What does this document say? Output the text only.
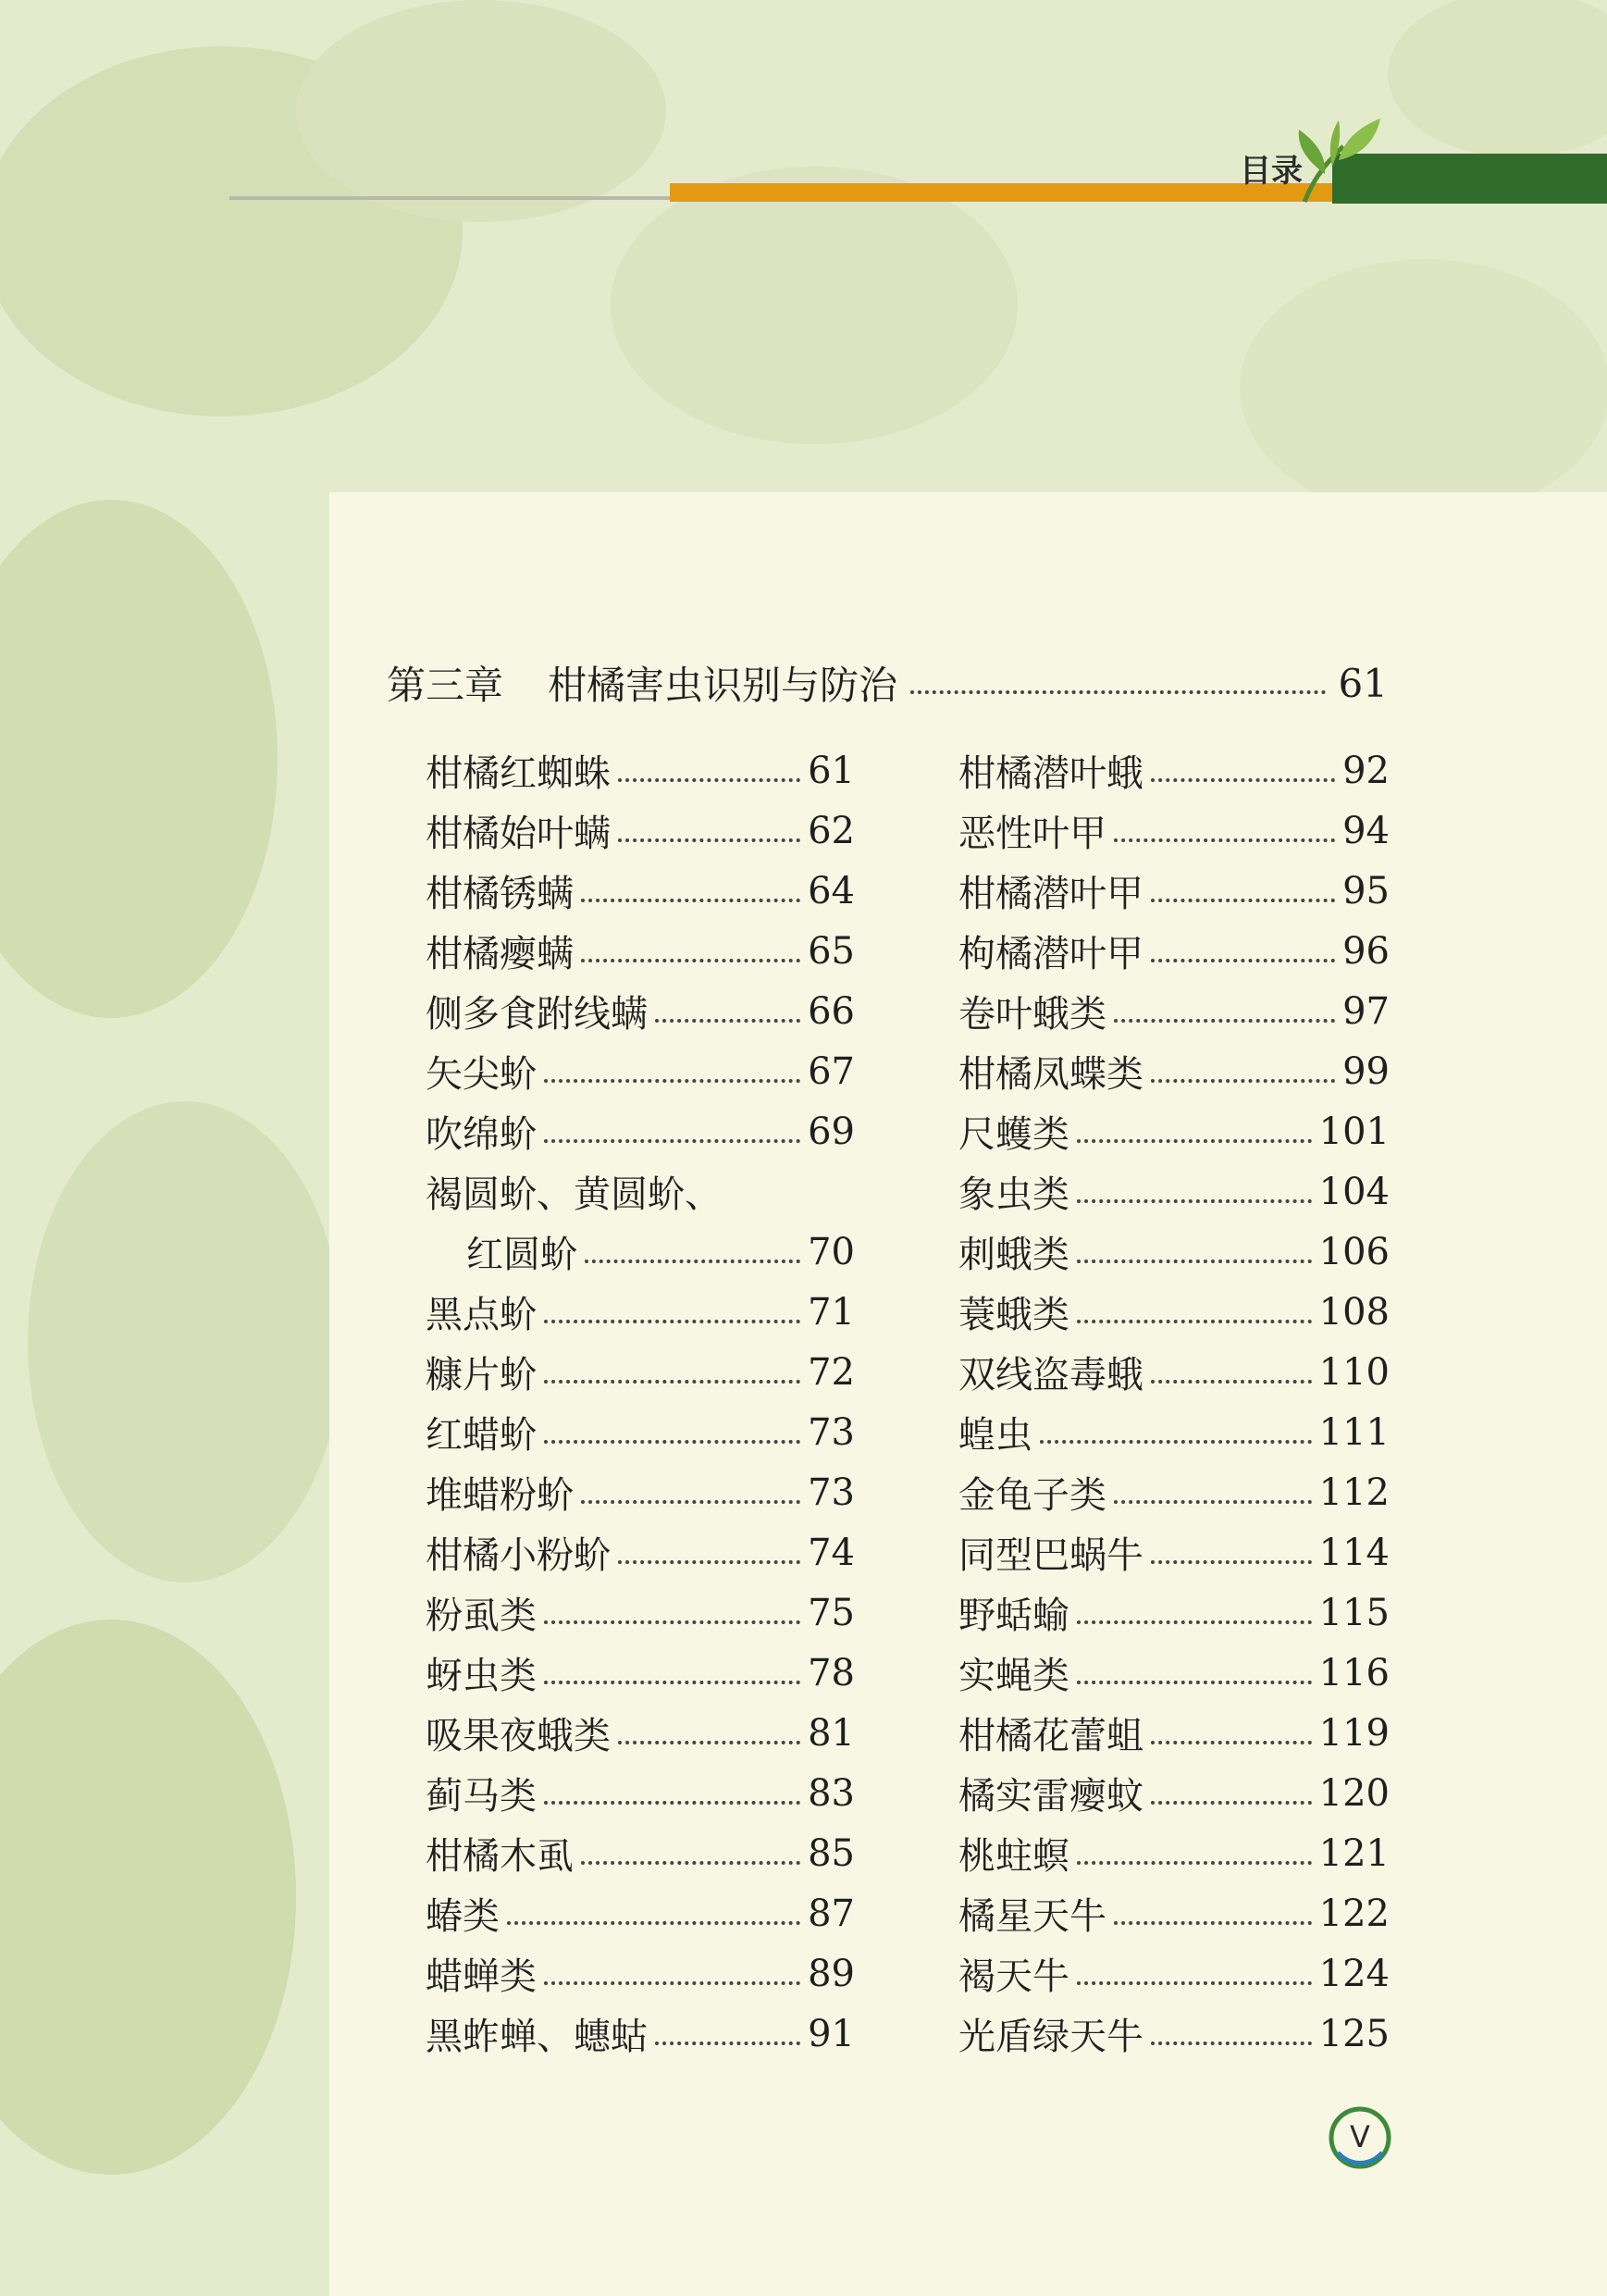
目录
第三章 柑橘害虫识别与防治	61
柑橘红蜘蛛	61
柑橘始叶螨	62
柑橘锈螨	64
柑橘瘿螨	65
侧多食跗线螨	66
矢尖蚧	67
吹绵蚧	69
褐圆蚧、黄圆蚧、
红圆蚧	70
黑点蚧	71
糠片蚧	72
红蜡蚧	73
堆蜡粉蚧	73
柑橘小粉蚧	74
粉虱类	75
蚜虫类	78
吸果夜蛾类	81
蓟马类	83
柑橘木虱	85
蝽类	87
蜡蝉类	89
黑蚱蝉、蟪蛄	91
柑橘潜叶蛾	92
恶性叶甲	94
柑橘潜叶甲	95
枸橘潜叶甲	96
卷叶蛾类	97
柑橘凤蝶类	99
尺蠖类	101
象虫类	104
刺蛾类	106
蓑蛾类	108
双线盗毒蛾	110
蝗虫	111
金龟子类	112
同型巴蜗牛	114
野蛞蝓	115
实蝇类	116
柑橘花蕾蛆	119
橘实雷瘿蚊	120
桃蛀螟	121
橘星天牛	122
褐天牛	124
光盾绿天牛	125
V
